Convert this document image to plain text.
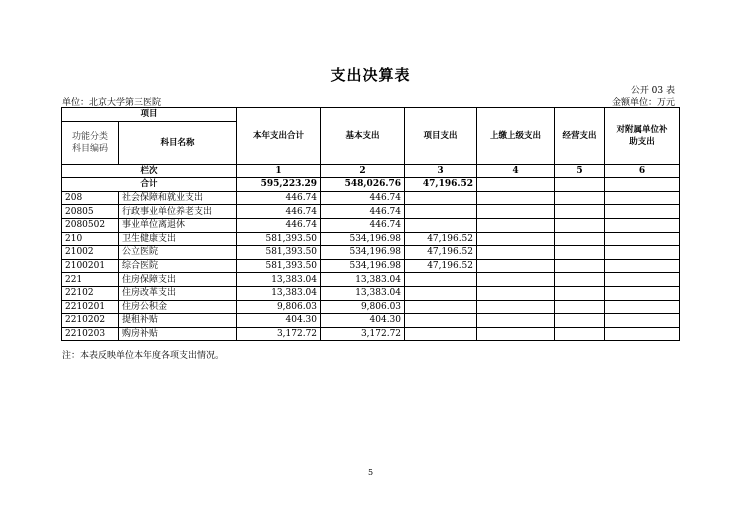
支出决算表
公开 03 表
单位：北京大学第三医院	金额单位：万元
项目		本年支出合计	基本支出	项目支出	上缴上级支出	经营支出	对附属单位补助支出
功能分类科目编码	科目名称						
栏次		1	2	3	4	5	6
合计		595,223.29	548,026.76	47,196.52			
208	社会保障和就业支出	446.74	446.74				
20805	行政事业单位养老支出	446.74	446.74				
2080502	事业单位离退休	446.74	446.74				
210	卫生健康支出	581,393.50	534,196.98	47,196.52			
21002	公立医院	581,393.50	534,196.98	47,196.52			
2100201	综合医院	581,393.50	534,196.98	47,196.52			
221	住房保障支出	13,383.04	13,383.04				
22102	住房改革支出	13,383.04	13,383.04				
2210201	住房公积金	9,806.03	9,806.03				
2210202	提租补贴	404.30	404.30				
2210203	购房补贴	3,172.72	3,172.72				
注：本表反映单位本年度各项支出情况。
5
